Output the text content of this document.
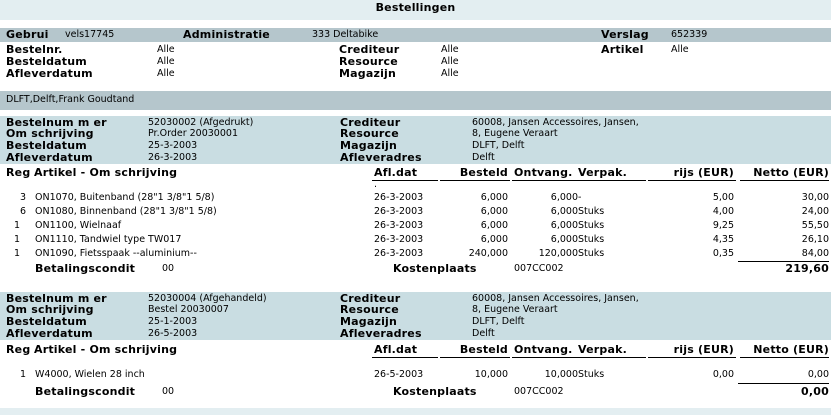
Bestellingen
Gebrui vels17745	Administratie	333 Deltabike	Verslag 652339
Bestelnr.	Alle	Crediteur	Alle	Artikel	Alle
Besteldatum	Alle	Resource	Alle
Afleverdatum	Alle	Magazijn	Alle
DLFT,Delft,Frank Goudtand
Bestelnum m er	52030002 (Afgedrukt)	Crediteur	60008, Jansen Accessoires, Jansen,
Om schrijving	Pr.Order 20030001	Resource	8, Eugene Veraart
Besteldatum	25-3-2003	Magazijn	DLFT, Delft
Afleverdatum	26-3-2003	Afleveradres	Delft
Reg Artikel - Om schrijving	Afl.dat	Besteld Ontvang. Verpak.	rijs (EUR)	Netto (EUR)
.
3 ON1070, Buitenband (28"1 3/8"1 5/8)	26-3-2003	6,000	6,000 -	5,00	30,00
6 ON1080, Binnenband (28"1 3/8"1 5/8)	26-3-2003	6,000	6,000 Stuks	4,00	24,00
1 ON1100, Wielnaaf	26-3-2003	6,000	6,000 Stuks	9,25	55,50
1 ON1110, Tandwiel type TW017	26-3-2003	6,000	6,000 Stuks	4,35	26,10
1 ON1090, Fietsspaak --aluminium--	26-3-2003	240,000	120,000 Stuks	0,35	84,00
Betalingscondit	00	Kostenplaats	007CC002	219,60
Bestelnum m er	52030004 (Afgehandeld)	Crediteur	60008, Jansen Accessoires, Jansen,
Om schrijving	Bestel 20030007	Resource	8, Eugene Veraart
Besteldatum	25-1-2003	Magazijn	DLFT, Delft
Afleverdatum	26-5-2003	Afleveradres	Delft
Reg Artikel - Om schrijving	Afl.dat	Besteld Ontvang. Verpak.	rijs (EUR)	Netto (EUR)
1 W4000, Wielen 28 inch	26-5-2003	10,000	10,000 Stuks	0,00	0,00
Betalingscondit	00	Kostenplaats	007CC002	0,00
